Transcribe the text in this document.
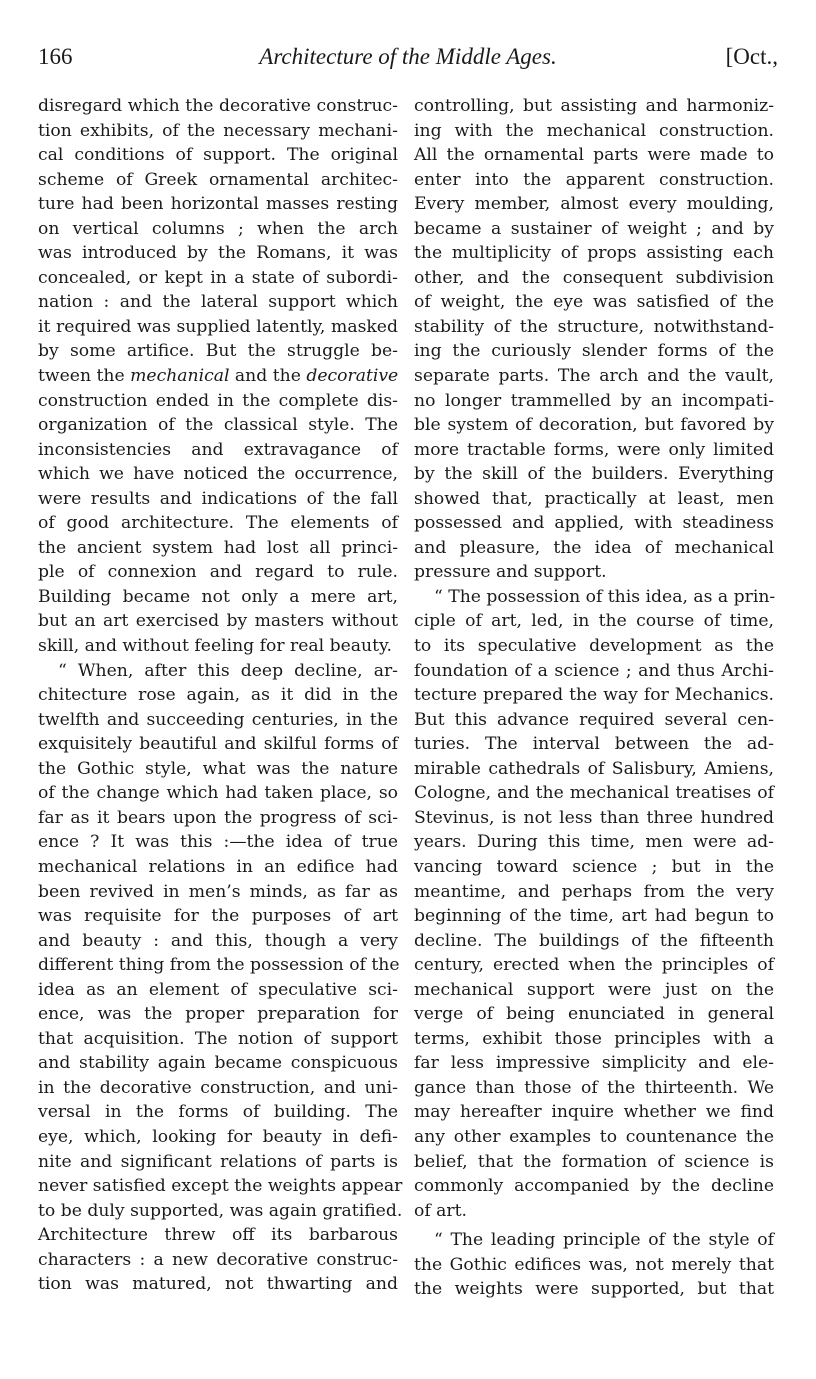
166	Architecture of the Middle Ages.	[Oct.,
disregard which the decorative construc-
tion exhibits, of the necessary mechani-
cal conditions of support. The original
scheme of Greek ornamental architec-
ture had been horizontal masses resting
on vertical columns ; when the arch
was introduced by the Romans, it was
concealed, or kept in a state of subordi-
nation : and the lateral support which
it required was supplied latently, masked
by some artifice. But the struggle be-
tween the mechanical and the decorative
construction ended in the complete dis-
organization of the classical style. The
inconsistencies and extravagance of
which we have noticed the occurrence,
were results and indications of the fall
of good architecture. The elements of
the ancient system had lost all princi-
ple of connexion and regard to rule.
Building became not only a mere art,
but an art exercised by masters without
skill, and without feeling for real beauty.
“ When, after this deep decline, ar-
chitecture rose again, as it did in the
twelfth and succeeding centuries, in the
exquisitely beautiful and skilful forms of
the Gothic style, what was the nature
of the change which had taken place, so
far as it bears upon the progress of sci-
ence ? It was this :—the idea of true
mechanical relations in an edifice had
been revived in men’s minds, as far as
was requisite for the purposes of art
and beauty : and this, though a very
different thing from the possession of the
idea as an element of speculative sci-
ence, was the proper preparation for
that acquisition. The notion of support
and stability again became conspicuous
in the decorative construction, and uni-
versal in the forms of building. The
eye, which, looking for beauty in defi-
nite and significant relations of parts is
never satisfied except the weights appear
to be duly supported, was again gratified.
Architecture threw off its barbarous
characters : a new decorative construc-
tion was matured, not thwarting and
controlling, but assisting and harmoniz-
ing with the mechanical construction.
All the ornamental parts were made to
enter into the apparent construction.
Every member, almost every moulding,
became a sustainer of weight ; and by
the multiplicity of props assisting each
other, and the consequent subdivision
of weight, the eye was satisfied of the
stability of the structure, notwithstand-
ing the curiously slender forms of the
separate parts. The arch and the vault,
no longer trammelled by an incompati-
ble system of decoration, but favored by
more tractable forms, were only limited
by the skill of the builders. Everything
showed that, practically at least, men
possessed and applied, with steadiness
and pleasure, the idea of mechanical
pressure and support.
“ The possession of this idea, as a prin-
ciple of art, led, in the course of time,
to its speculative development as the
foundation of a science ; and thus Archi-
tecture prepared the way for Mechanics.
But this advance required several cen-
turies. The interval between the ad-
mirable cathedrals of Salisbury, Amiens,
Cologne, and the mechanical treatises of
Stevinus, is not less than three hundred
years. During this time, men were ad-
vancing toward science ; but in the
meantime, and perhaps from the very
beginning of the time, art had begun to
decline. The buildings of the fifteenth
century, erected when the principles of
mechanical support were just on the
verge of being enunciated in general
terms, exhibit those principles with a
far less impressive simplicity and ele-
gance than those of the thirteenth. We
may hereafter inquire whether we find
any other examples to countenance the
belief, that the formation of science is
commonly accompanied by the decline
of art.
“ The leading principle of the style of
the Gothic edifices was, not merely that
the weights were supported, but that
